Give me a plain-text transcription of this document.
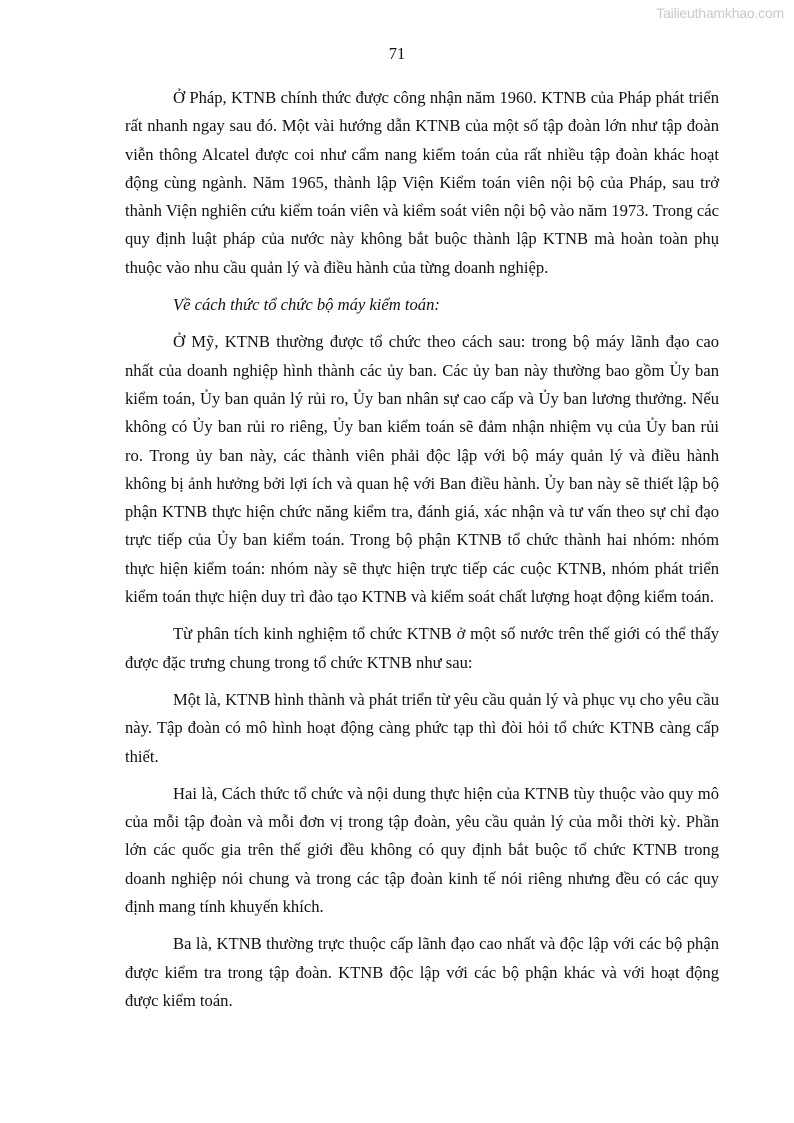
Tailieuthamkhao.com
71

Ở Pháp, KTNB chính thức được công nhận năm 1960. KTNB của Pháp phát triển rất nhanh ngay sau đó. Một vài hướng dẫn KTNB của một số tập đoàn lớn như tập đoàn viễn thông Alcatel được coi như cẩm nang kiểm toán của rất nhiều tập đoàn khác hoạt động cùng ngành. Năm 1965, thành lập Viện Kiểm toán viên nội bộ của Pháp, sau trở thành Viện nghiên cứu kiểm toán viên và kiểm soát viên nội bộ vào năm 1973. Trong các quy định luật pháp của nước này không bắt buộc thành lập KTNB mà hoàn toàn phụ thuộc vào nhu cầu quản lý và điều hành của từng doanh nghiệp.

Về cách thức tổ chức bộ máy kiểm toán:

Ở Mỹ, KTNB thường được tổ chức theo cách sau: trong bộ máy lãnh đạo cao nhất của doanh nghiệp hình thành các ủy ban. Các ủy ban này thường bao gồm Ủy ban kiểm toán, Ủy ban quản lý rủi ro, Ủy ban nhân sự cao cấp và Ủy ban lương thưởng. Nếu không có Ủy ban rủi ro riêng, Ủy ban kiểm toán sẽ đảm nhận nhiệm vụ của Ủy ban rủi ro. Trong ủy ban này, các thành viên phải độc lập với bộ máy quản lý và điều hành không bị ảnh hưởng bởi lợi ích và quan hệ với Ban điều hành. Ủy ban này sẽ thiết lập bộ phận KTNB thực hiện chức năng kiểm tra, đánh giá, xác nhận và tư vấn theo sự chỉ đạo trực tiếp của Ủy ban kiểm toán. Trong bộ phận KTNB tổ chức thành hai nhóm: nhóm thực hiện kiểm toán: nhóm này sẽ thực hiện trực tiếp các cuộc KTNB, nhóm phát triển kiểm toán thực hiện duy trì đào tạo KTNB và kiểm soát chất lượng hoạt động kiểm toán.

Từ phân tích kinh nghiệm tổ chức KTNB ở một số nước trên thế giới có thể thấy được đặc trưng chung trong tổ chức KTNB như sau:

Một là, KTNB hình thành và phát triển từ yêu cầu quản lý và phục vụ cho yêu cầu này. Tập đoàn có mô hình hoạt động càng phức tạp thì đòi hỏi tổ chức KTNB càng cấp thiết.

Hai là, Cách thức tổ chức và nội dung thực hiện của KTNB tùy thuộc vào quy mô của mỗi tập đoàn và mỗi đơn vị trong tập đoàn, yêu cầu quản lý của mỗi thời kỳ. Phần lớn các quốc gia trên thế giới đều không có quy định bắt buộc tổ chức KTNB trong doanh nghiệp nói chung và trong các tập đoàn kinh tế nói riêng nhưng đều có các quy định mang tính khuyến khích.

Ba là, KTNB thường trực thuộc cấp lãnh đạo cao nhất và độc lập với các bộ phận được kiểm tra trong tập đoàn. KTNB độc lập với các bộ phận khác và với hoạt động được kiểm toán.
